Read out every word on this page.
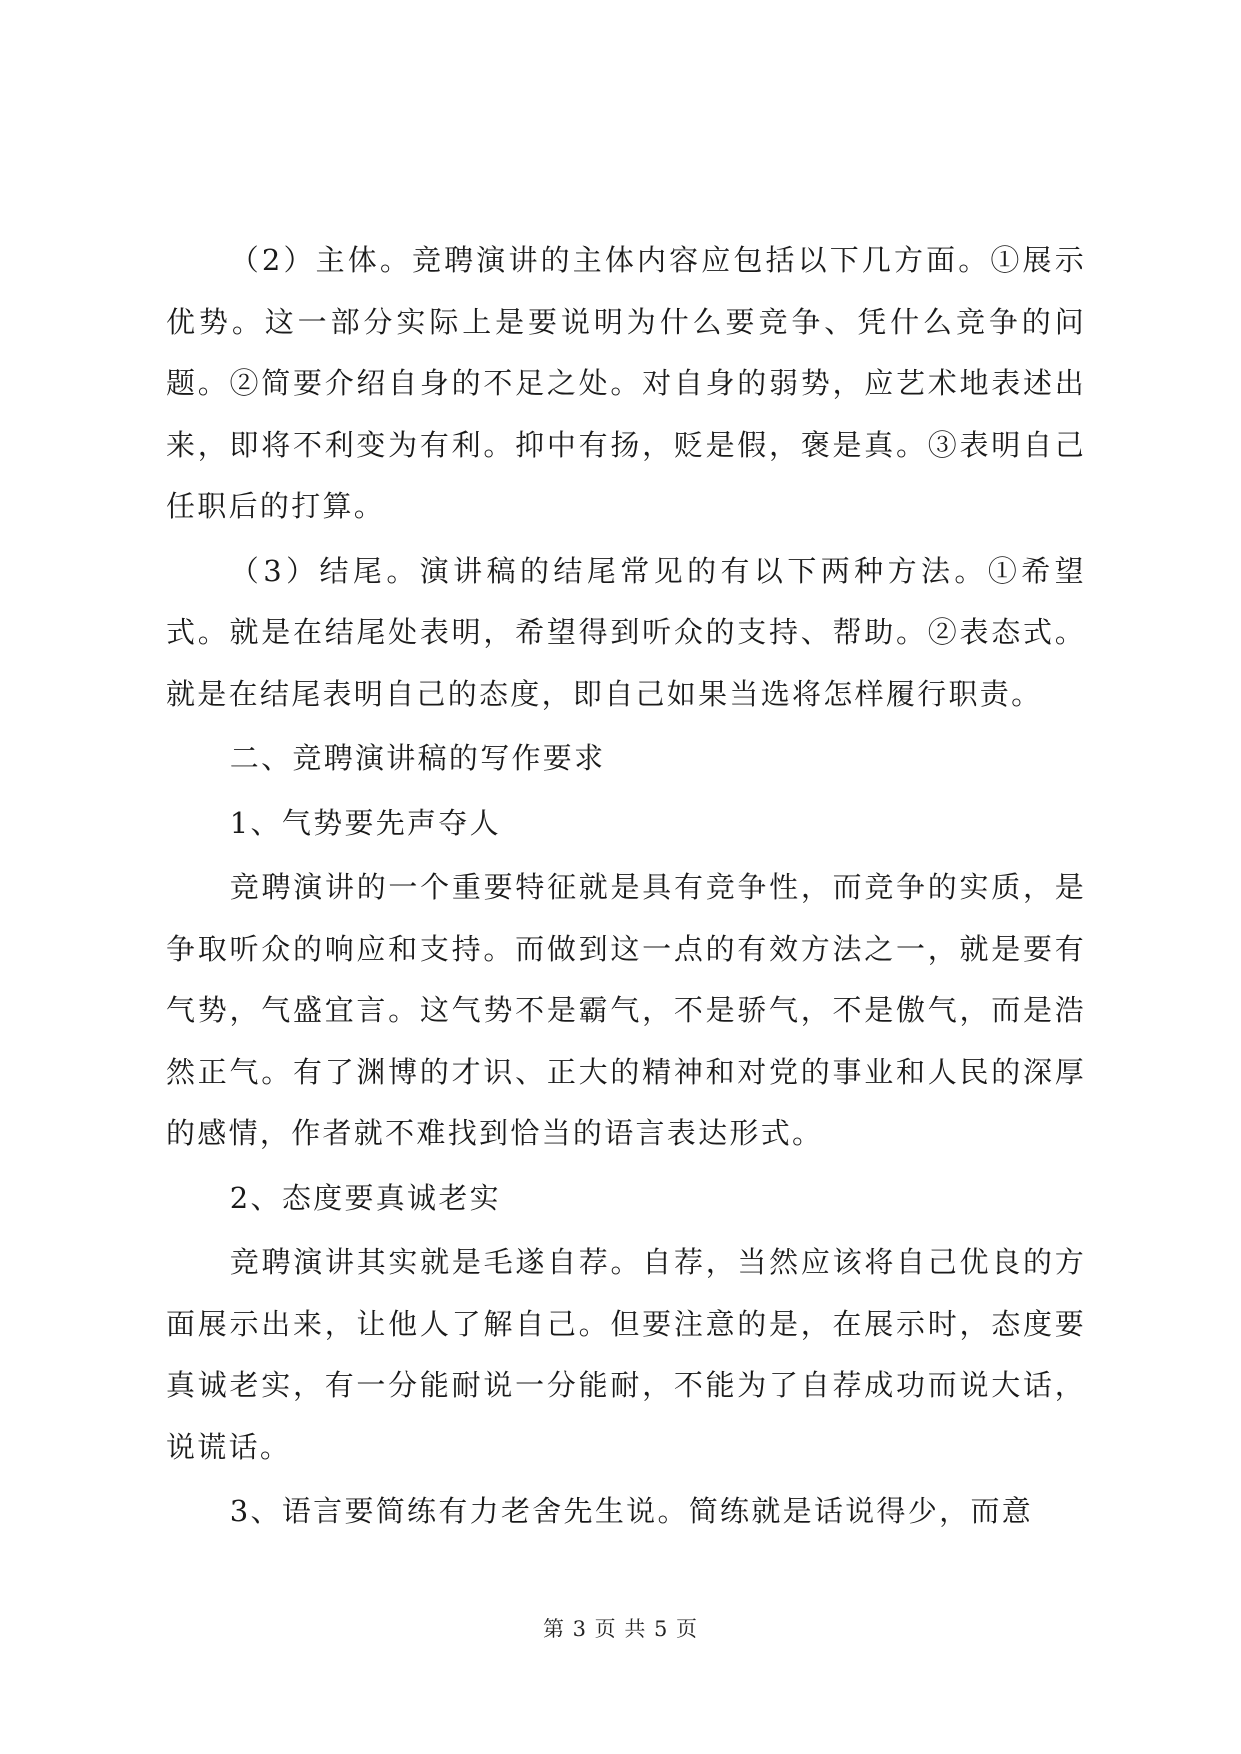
（2）主体。竞聘演讲的主体内容应包括以下几方面。①展示优势。这一部分实际上是要说明为什么要竞争、凭什么竞争的问题。②简要介绍自身的不足之处。对自身的弱势，应艺术地表述出来，即将不利变为有利。抑中有扬，贬是假，褒是真。③表明自己任职后的打算。

（3）结尾。演讲稿的结尾常见的有以下两种方法。①希望式。就是在结尾处表明，希望得到听众的支持、帮助。②表态式。就是在结尾表明自己的态度，即自己如果当选将怎样履行职责。

二、竞聘演讲稿的写作要求

1、气势要先声夺人

竞聘演讲的一个重要特征就是具有竞争性，而竞争的实质，是争取听众的响应和支持。而做到这一点的有效方法之一，就是要有气势，气盛宜言。这气势不是霸气，不是骄气，不是傲气，而是浩然正气。有了渊博的才识、正大的精神和对党的事业和人民的深厚的感情，作者就不难找到恰当的语言表达形式。

2、态度要真诚老实

竞聘演讲其实就是毛遂自荐。自荐，当然应该将自己优良的方面展示出来，让他人了解自己。但要注意的是，在展示时，态度要真诚老实，有一分能耐说一分能耐，不能为了自荐成功而说大话，说谎话。

3、语言要简练有力老舍先生说。简练就是话说得少，而意

第 3 页 共 5 页
